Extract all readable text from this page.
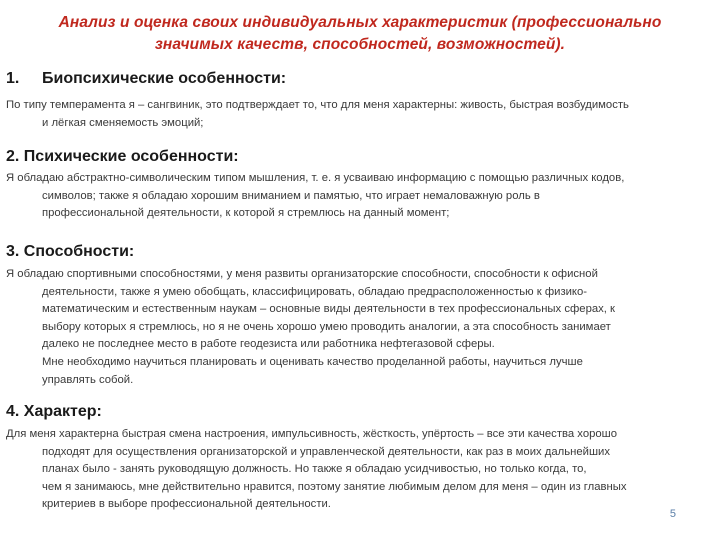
Анализ и оценка своих индивидуальных характеристик (профессионально значимых качеств, способностей, возможностей).
1. Биопсихические особенности:
По типу темперамента я – сангвиник, это подтверждает то, что для меня характерны: живость, быстрая возбудимость
и лёгкая сменяемость эмоций;
2. Психические особенности:
Я обладаю абстрактно-символическим типом мышления, т. е. я усваиваю информацию с помощью различных кодов,
символов; также я обладаю хорошим вниманием и памятью, что играет немаловажную роль в
профессиональной деятельности, к которой я стремлюсь на данный момент;
3. Способности:
Я обладаю спортивными способностями, у меня развиты организаторские способности, способности к офисной
деятельности, также я умею обобщать, классифицировать, обладаю предрасположенностью к физико-
математическим и естественным наукам – основные виды деятельности в тех профессиональных сферах, к
выбору которых я стремлюсь, но я не очень хорошо умею проводить аналогии, а эта способность занимает
далеко не последнее место в работе геодезиста или работника нефтегазовой сферы.
Мне необходимо научиться планировать и оценивать качество проделанной работы, научиться лучше
управлять собой.
4. Характер:
Для меня характерна быстрая смена настроения, импульсивность, жёсткость, упёртость – все эти качества хорошо
подходят для осуществления организаторской и управленческой деятельности, как раз в моих дальнейших
планах было - занять руководящую должность. Но также я обладаю усидчивостью, но только когда, то,
чем я занимаюсь, мне действительно нравится, поэтому занятие любимым делом для меня – один из главных
критериев в выборе профессиональной деятельности.
5
